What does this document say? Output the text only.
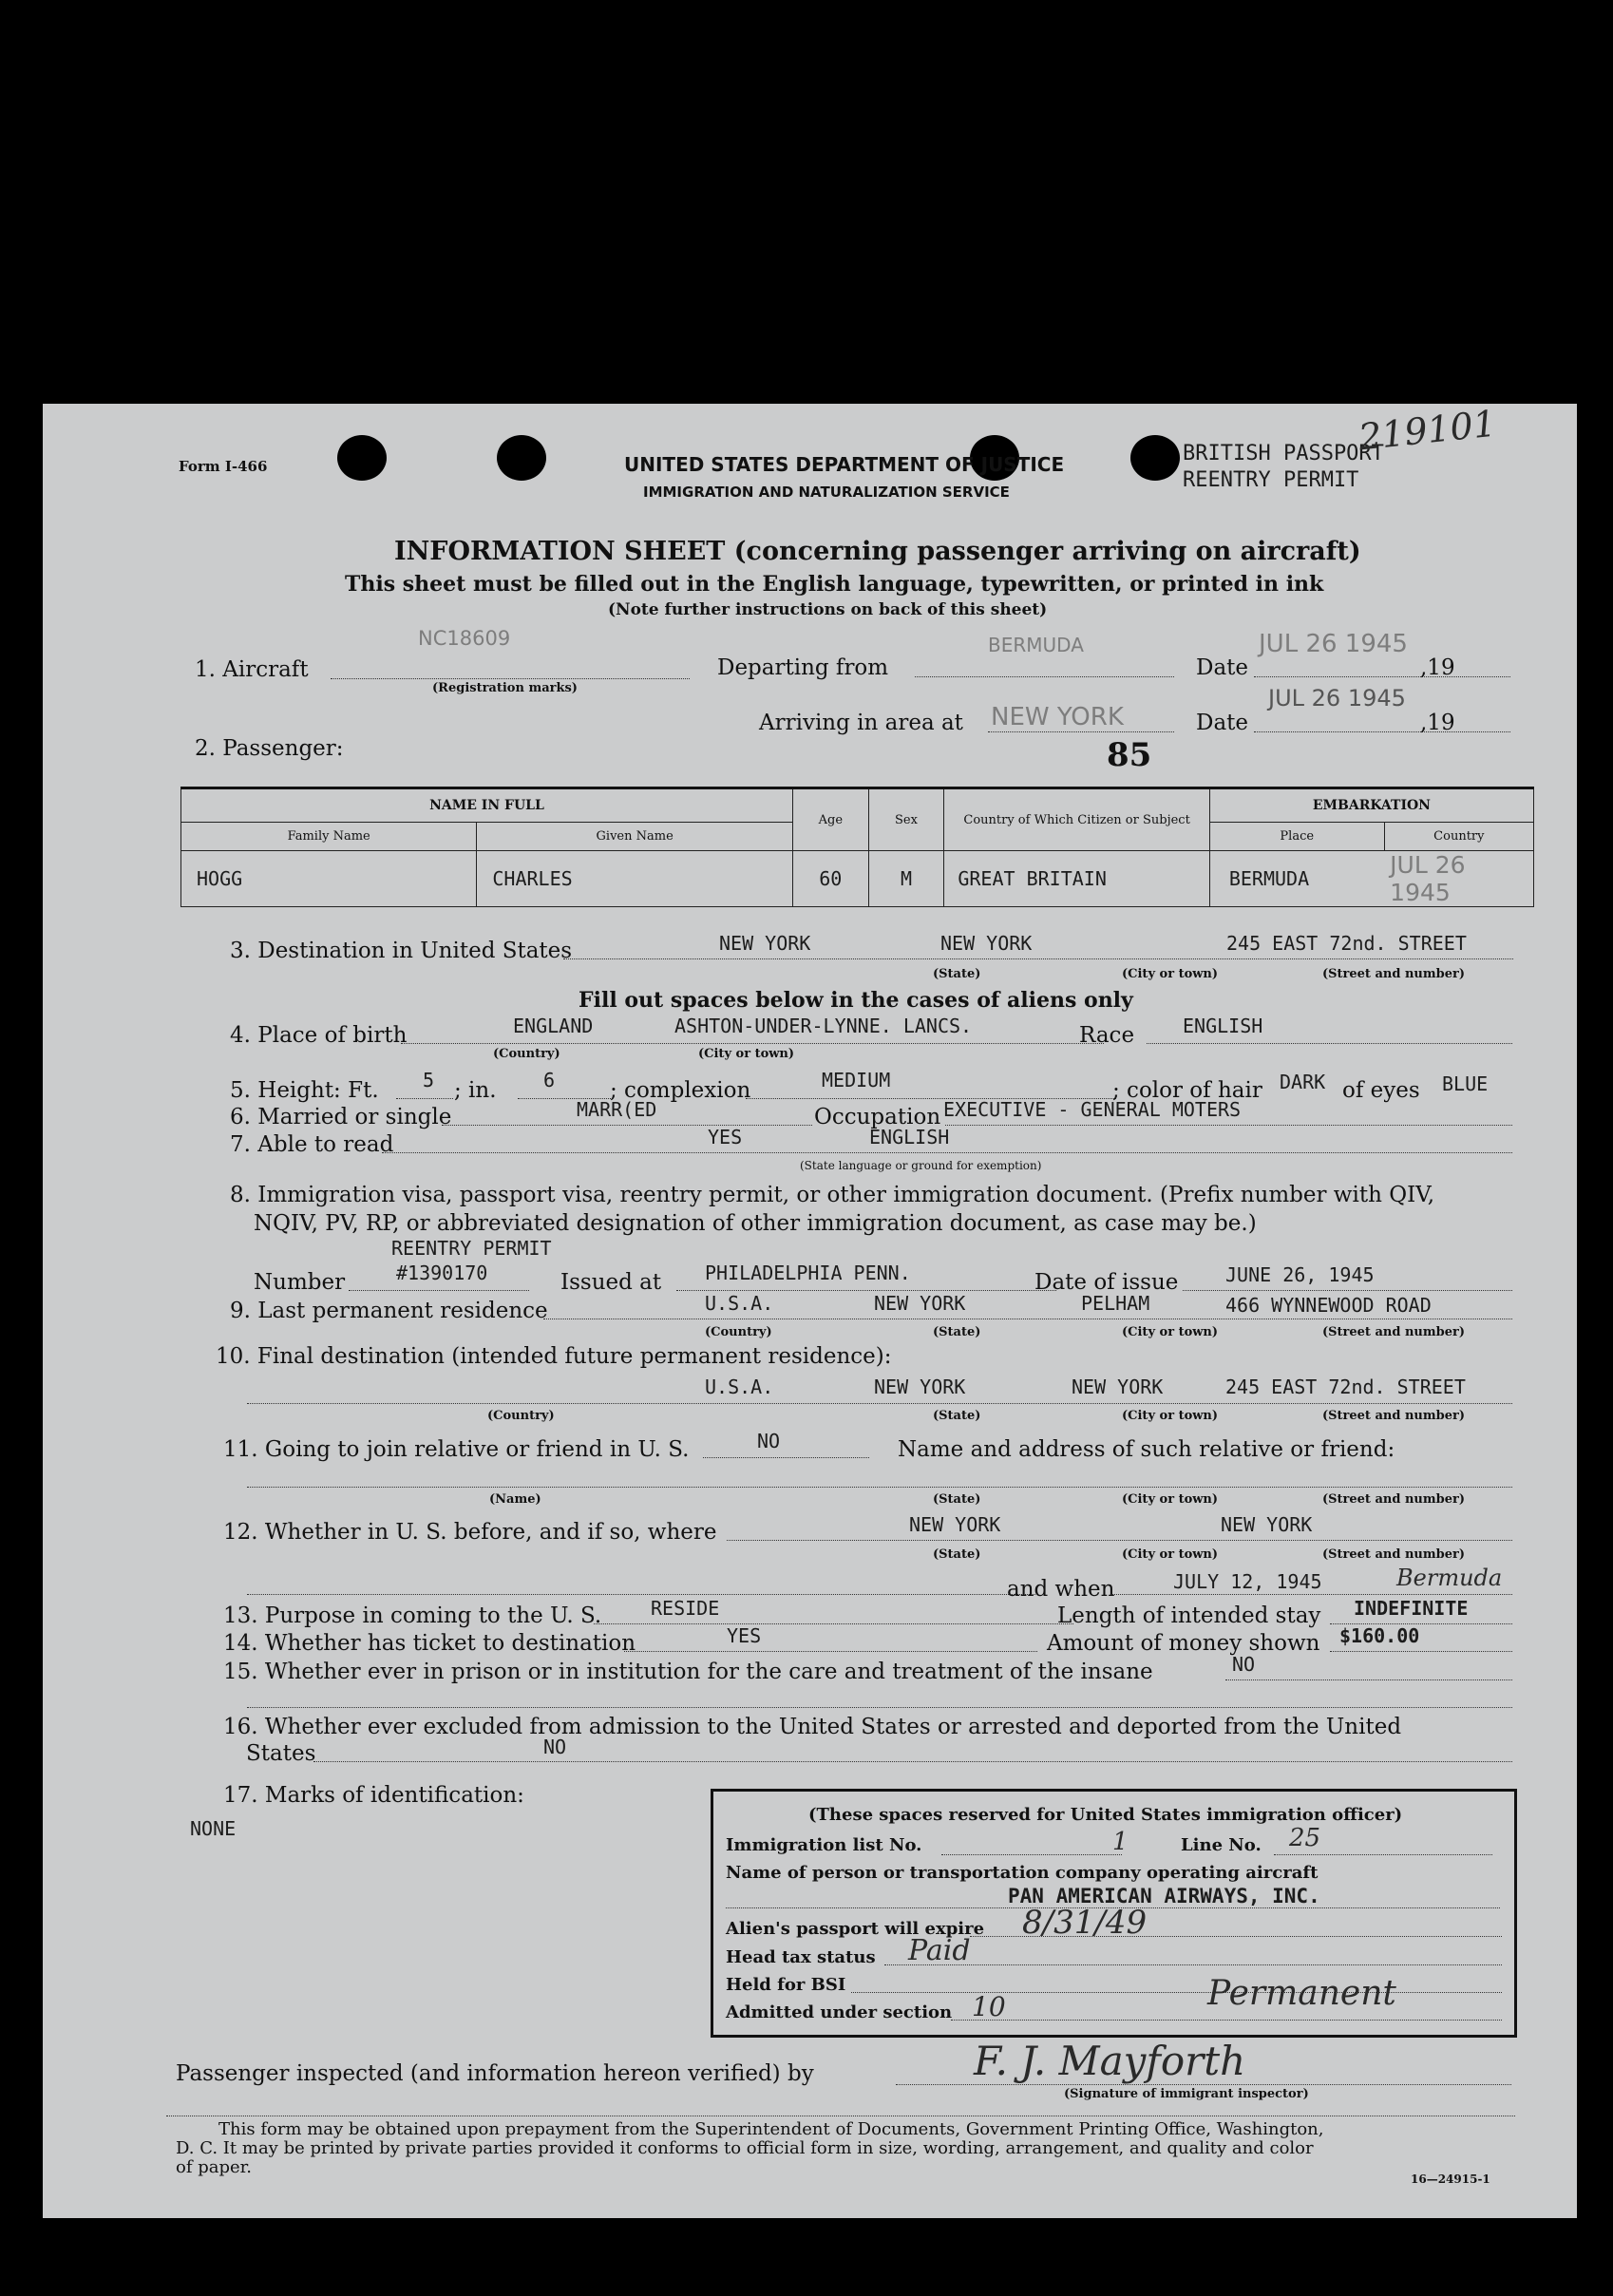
Form I-466	UNITED STATES DEPARTMENT OF JUSTICE
IMMIGRATION AND NATURALIZATION SERVICE
BRITISH PASSPORT
REENTRY PERMIT
219101
INFORMATION SHEET (concerning passenger arriving on aircraft)
This sheet must be filled out in the English language, typewritten, or printed in ink
(Note further instructions on back of this sheet)
1. Aircraft
NC18609
(Registration marks)
Departing from
BERMUDA
Date
JUL 26 1945
,19
Arriving in area at NEW YORK	Date
JUL 26 1945
,19
85
2. Passenger:
NAME IN FULL		Age	Sex	Country of Which Citizen or Subject	EMBARKATION	
Family Name	Given Name				Place	Country
HOGG	CHARLES	60	M	GREAT BRITAIN	BERMUDA	JUL 26 1945
3. Destination in United States	NEW YORK	NEW YORK	245 EAST 72nd. STREET
(State)	(City or town)	(Street and number)
Fill out spaces below in the cases of aliens only
4. Place of birth	ENGLAND	ASHTON-UNDER-LYNNE. LANCS.
(Country)	(City or town)
Race	ENGLISH
5. Height: Ft. 5 ; in. 6	; complexion	MEDIUM	; color of hair DARK of eyes BLUE
6. Married or single	MARR(ED	Occupation EXECUTIVE - GENERAL MOTERS
7. Able to read	YES	ENGLISH
(State language or ground for exemption)
8. Immigration visa, passport visa, reentry permit, or other immigration document. (Prefix number with QIV,
NQIV, PV, RP, or abbreviated designation of other immigration document, as case may be.)
REENTRY PERMIT
Number	#1390170	Issued at PHILADELPHIA PENN.	Date of issue JUNE 26, 1945
9. Last permanent residence	U.S.A.	NEW YORK	PELHAM	466 WYNNEWOOD ROAD
(Country)	(State)	(City or town)	(Street and number)
10. Final destination (intended future permanent residence):
U.S.A.	NEW YORK	NEW YORK	245 EAST 72nd. STREET
(Country)	(State)	(City or town)	(Street and number)
11. Going to join relative or friend in U. S.	NO	Name and address of such relative or friend:
(Name)	(State)	(City or town)	(Street and number)
12. Whether in U. S. before, and if so, where	NEW YORK	NEW YORK
(State)	(City or town)	(Street and number)
and when	JULY 12, 1945	Bermuda
13. Purpose in coming to the U. S.	RESIDE	Length of intended stay INDEFINITE
14. Whether has ticket to destination	YES	Amount of money shown $160.00
15. Whether ever in prison or in institution for the care and treatment of the insane	NO
16. Whether ever excluded from admission to the United States or arrested and deported from the United
States	NO
17. Marks of identification:
NONE
(These spaces reserved for United States immigration officer)
Immigration list No.	1	Line No. 25
Name of person or transportation company operating aircraft
PAN AMERICAN AIRWAYS, INC.
Alien's passport will expire 8/31/49
Head tax status Paid
Held for BSI
Admitted under section 10	Permanent
Passenger inspected (and information hereon verified) by	F. J. Mayforth
(Signature of immigrant inspector)
This form may be obtained upon prepayment from the Superintendent of Documents, Government Printing Office, Washington,
D. C. It may be printed by private parties provided it conforms to official form in size, wording, arrangement, and quality and color
of paper.
16—24915-1
